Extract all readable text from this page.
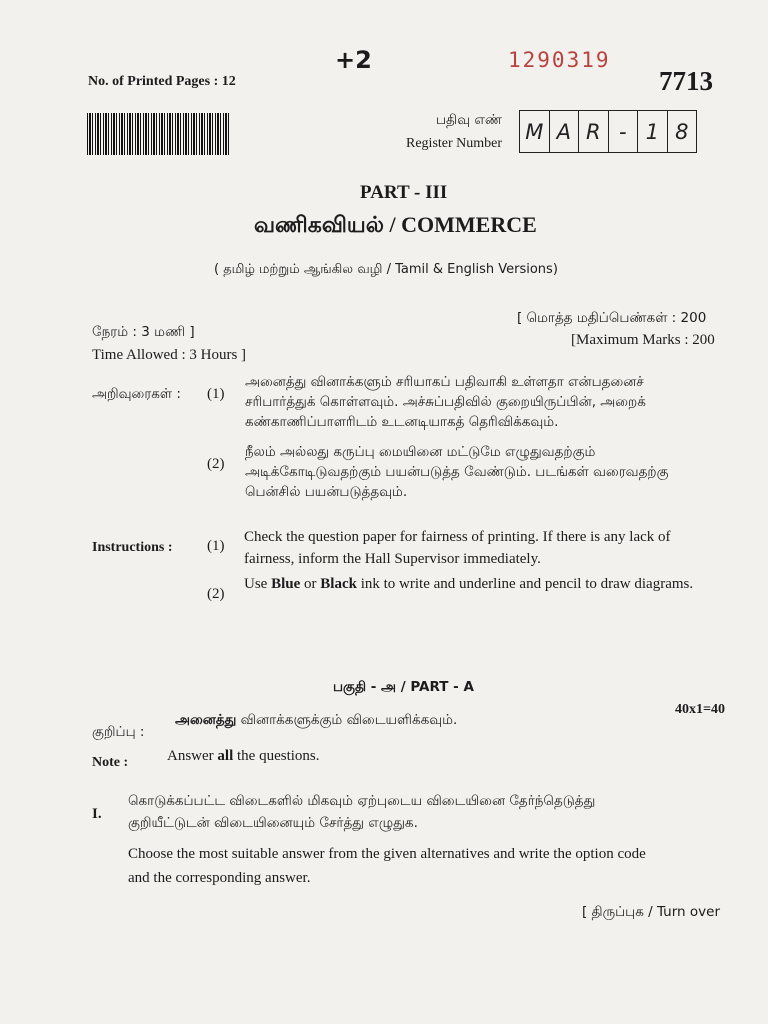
No. of Printed Pages : 12
+2	1290319
7713
பதிவு எண்
Register Number M A R - 1 8
PART - III
வணிகவியல் / COMMERCE
( தமிழ் மற்றும் ஆங்கில வழி / Tamil & English Versions)
நேரம் : 3 மணி ]
Time Allowed : 3 Hours ]
[ மொத்த மதிப்பெண்கள் : 200
[Maximum Marks : 200
அறிவுரைகள் : (1)
அனைத்து வினாக்களும் சரியாகப் பதிவாகி உள்ளதா என்பதனைச்
சரிபார்த்துக் கொள்ளவும். அச்சுப்பதிவில் குறையிருப்பின், அறைக்
கண்காணிப்பாளரிடம் உடனடியாகத் தெரிவிக்கவும்.
(2)
நீலம் அல்லது கருப்பு மையினை மட்டுமே எழுதுவதற்கும்
அடிக்கோடிடுவதற்கும் பயன்படுத்த வேண்டும். படங்கள் வரைவதற்கு
பென்சில் பயன்படுத்தவும்.
Instructions : (1)
Check the question paper for fairness of printing. If there is any lack of
fairness, inform the Hall Supervisor immediately.
(2)
Use Blue or Black ink to write and underline and pencil to draw diagrams.
பகுதி - அ / PART - A
40x1=40
குறிப்பு :
அனைத்து வினாக்களுக்கும் விடையளிக்கவும்.
Note :	Answer all the questions.
I.
கொடுக்கப்பட்ட விடைகளில் மிகவும் ஏற்புடைய விடையினை தேர்ந்தெடுத்து
குறியீட்டுடன் விடையினையும் சேர்த்து எழுதுக.
Choose the most suitable answer from the given alternatives and write the option code
and the corresponding answer.
[ திருப்புக / Turn over
